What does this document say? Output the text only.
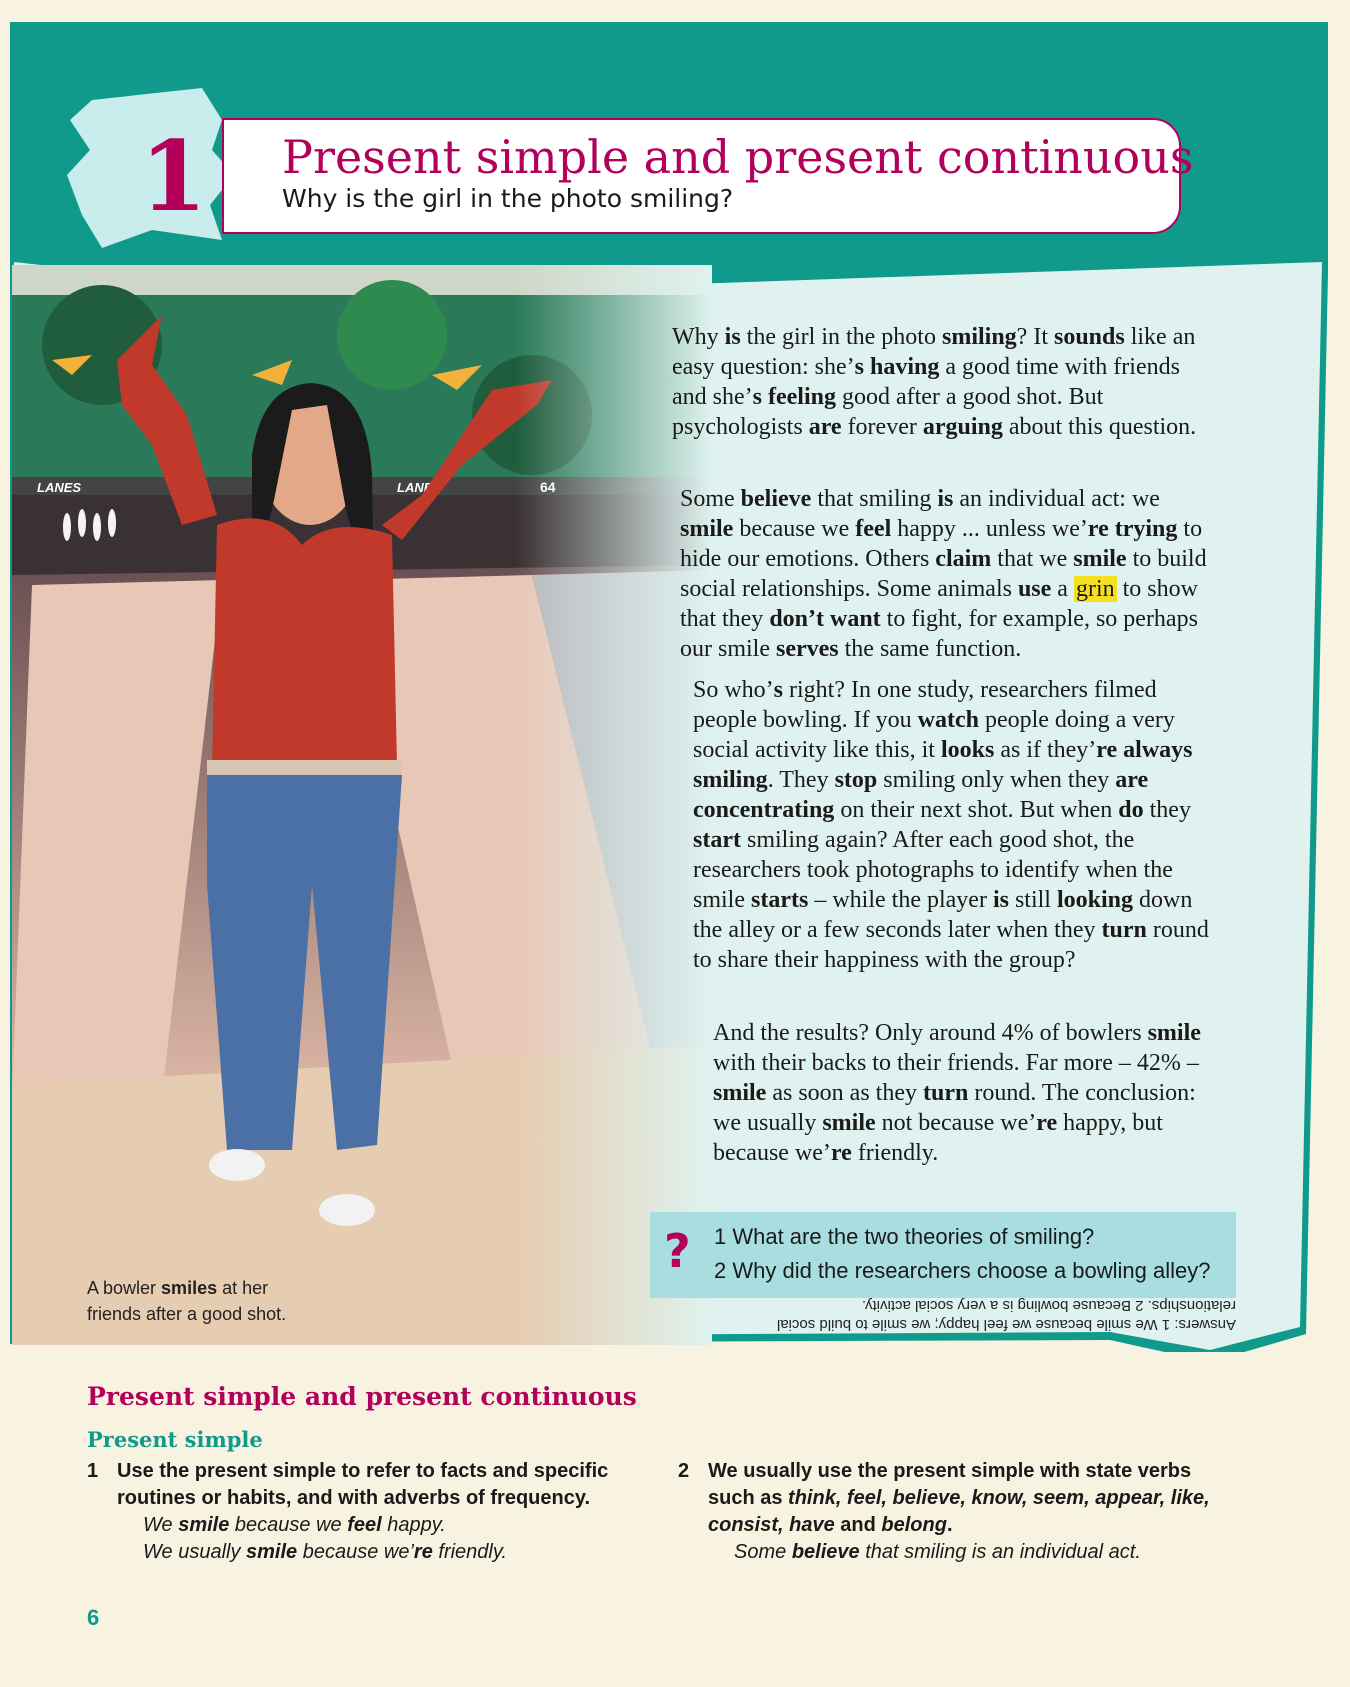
1 Present simple and present continuous
Why is the girl in the photo smiling?
Why is the girl in the photo smiling? It sounds like an easy question: she’s having a good time with friends and she’s feeling good after a good shot. But psychologists are forever arguing about this question.
Some believe that smiling is an individual act: we smile because we feel happy ... unless we’re trying to hide our emotions. Others claim that we smile to build social relationships. Some animals use a grin to show that they don’t want to fight, for example, so perhaps our smile serves the same function.
So who’s right? In one study, researchers filmed people bowling. If you watch people doing a very social activity like this, it looks as if they’re always smiling. They stop smiling only when they are concentrating on their next shot. But when do they start smiling again? After each good shot, the researchers took photographs to identify when the smile starts – while the player is still looking down the alley or a few seconds later when they turn round to share their happiness with the group?
And the results? Only around 4% of bowlers smile with their backs to their friends. Far more – 42% – smile as soon as they turn round. The conclusion: we usually smile not because we’re happy, but because we’re friendly.
A bowler smiles at her
friends after a good shot.
? 1 What are the two theories of smiling?
2 Why did the researchers choose a bowling alley?
Answers: 1 We smile because we feel happy; we smile to build social relationships. 2 Because bowling is a very social activity.
Present simple and present continuous
Present simple
1 Use the present simple to refer to facts and specific routines or habits, and with adverbs of frequency.
We smile because we feel happy.
We usually smile because we’re friendly.
2 We usually use the present simple with state verbs such as think, feel, believe, know, seem, appear, like, consist, have and belong.
Some believe that smiling is an individual act.
6
